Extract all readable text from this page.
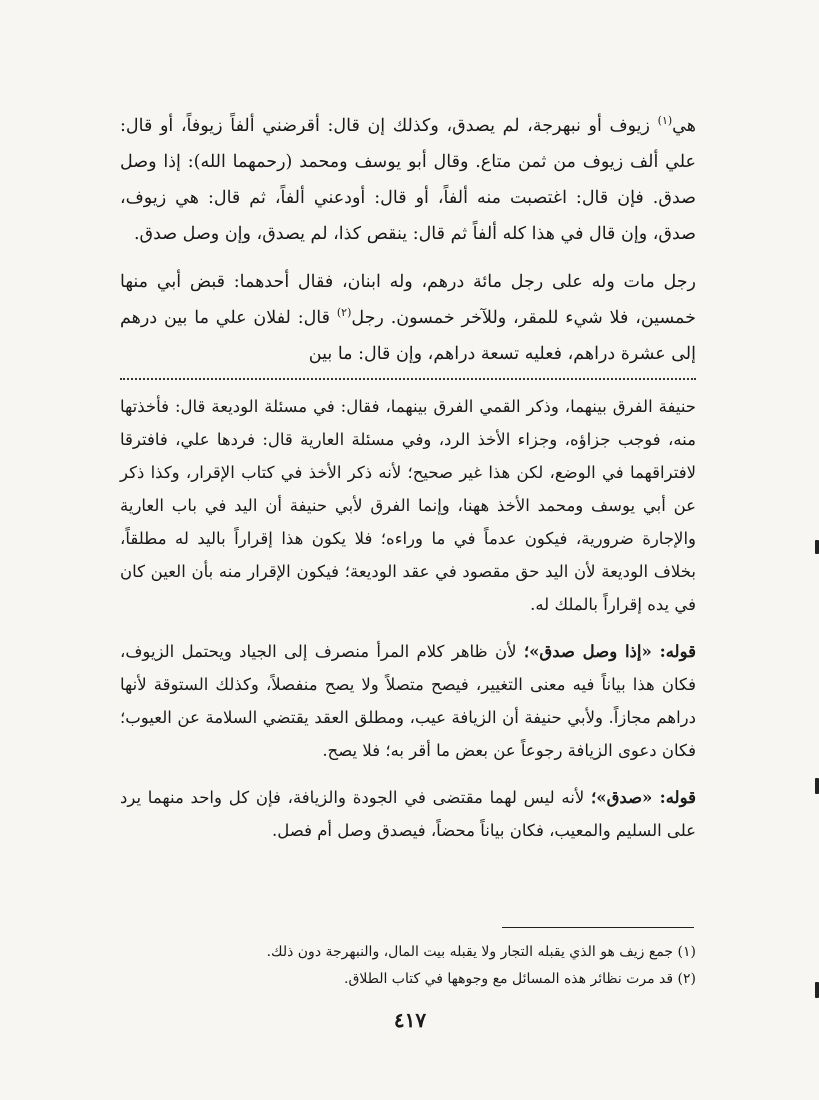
هي$^{(١)}$ زيوف أو نبهرجة، لم يصدق، وكذلك إن قال: أقرضني ألفاً زيوفاً، أو قال: علي ألف زيوف من ثمن متاع. وقال أبو يوسف ومحمد (رحمهما الله): إذا وصل صدق. فإن قال: اغتصبت منه ألفاً، أو قال: أودعني ألفاً، ثم قال: هي زيوف، صدق، وإن قال في هذا كله ألفاً ثم قال: ينقص كذا، لم يصدق، وإن وصل صدق.

رجل مات وله على رجل مائة درهم، وله ابنان، فقال أحدهما: قبض أبي منها خمسين، فلا شيء للمقر، وللآخر خمسون. رجل$^{(٢)}$ قال: لفلان علي ما بين درهم إلى عشرة دراهم، فعليه تسعة دراهم، وإن قال: ما بين

حنيفة الفرق بينهما، وذكر القمي الفرق بينهما، فقال: في مسئلة الوديعة قال: فأخذتها منه، فوجب جزاؤه، وجزاء الأخذ الرد، وفي مسئلة العارية قال: فردها علي، فافترقا لافتراقهما في الوضع، لكن هذا غير صحيح؛ لأنه ذكر الأخذ في كتاب الإقرار، وكذا ذكر عن أبي يوسف ومحمد الأخذ ههنا، وإنما الفرق لأبي حنيفة أن اليد في باب العارية والإجارة ضرورية، فيكون عدماً في ما وراءه؛ فلا يكون هذا إقراراً باليد له مطلقاً، بخلاف الوديعة لأن اليد حق مقصود في عقد الوديعة؛ فيكون الإقرار منه بأن العين كان في يده إقراراً بالملك له.

قوله: «إذا وصل صدق»؛ لأن ظاهر كلام المرأ منصرف إلى الجياد ويحتمل الزيوف، فكان هذا بياناً فيه معنى التغيير، فيصح متصلاً ولا يصح منفصلاً، وكذلك الستوقة لأنها دراهم مجازاً. ولأبي حنيفة أن الزيافة عيب، ومطلق العقد يقتضي السلامة عن العيوب؛ فكان دعوى الزيافة رجوعاً عن بعض ما أقر به؛ فلا يصح.

قوله: «صدق»؛ لأنه ليس لهما مقتضى في الجودة والزيافة، فإن كل واحد منهما يرد على السليم والمعيب، فكان بياناً محضاً، فيصدق وصل أم فصل.

(١) جمع زيف هو الذي يقبله التجار ولا يقبله بيت المال، والنبهرجة دون ذلك.

(٢) قد مرت نظائر هذه المسائل مع وجوهها في كتاب الطلاق.

٤١٧
